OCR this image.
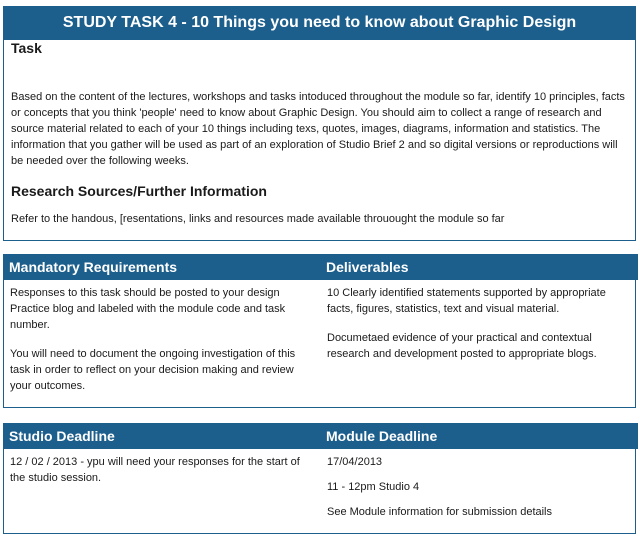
STUDY TASK 4 - 10 Things you need to know about Graphic Design
Task
Based on the content of the lectures, workshops and tasks intoduced throughout the module so far, identify 10 principles, facts or concepts that you think 'people' need to know about Graphic Design. You should aim to collect a range of research and source material related to each of your 10 things including texs, quotes, images, diagrams, information and statistics. The information that you gather will be used as part of an exploration of Studio Brief 2 and so digital versions or reproductions will be needed over the following weeks.
Research Sources/Further Information
Refer to the handous, [resentations, links and resources made available throuought the module so far
Mandatory Requirements	Deliverables

Responses to this task should be posted to your design Practice blog and labeled with the module code and task number.

You will need to document the ongoing investigation of this task in order to reflect on your decision making and review your outcomes.

10 Clearly identified statements supported by appropriate facts, figures, statistics, text and visual material.

Documetaed evidence of your practical and contextual research and development posted to appropriate blogs.

Studio Deadline	Module Deadline

12 / 02 / 2013 - ypu will need your responses for the start of the studio session.

17/04/2013

11 - 12pm Studio 4

See Module information for submission details
